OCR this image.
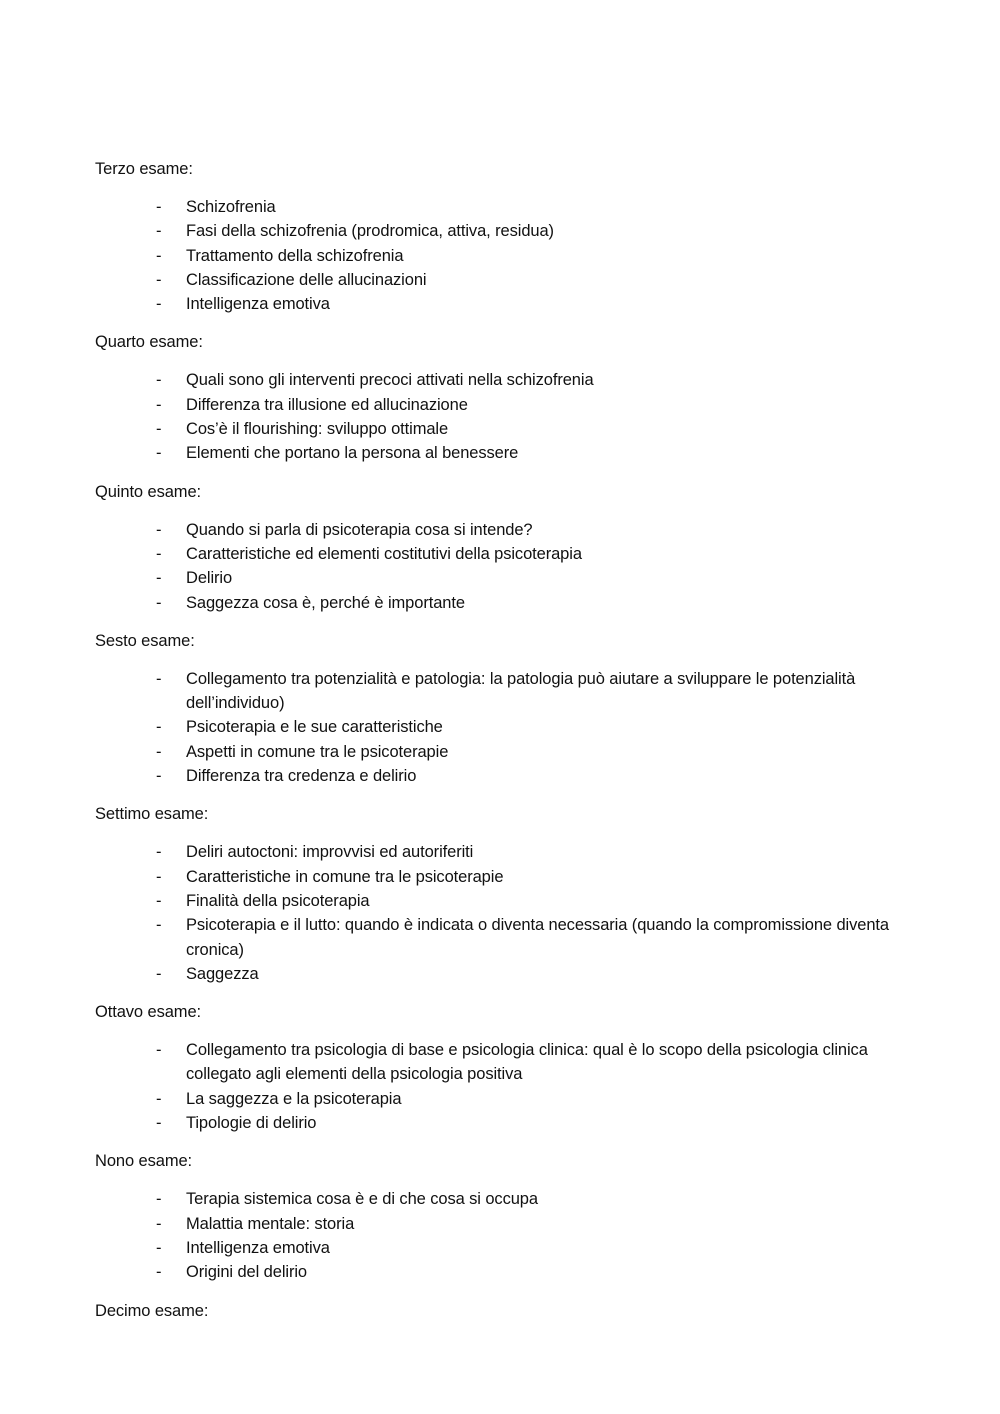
Terzo esame:
- Schizofrenia
- Fasi della schizofrenia (prodromica, attiva, residua)
- Trattamento della schizofrenia
- Classificazione delle allucinazioni
- Intelligenza emotiva
Quarto esame:
- Quali sono gli interventi precoci attivati nella schizofrenia
- Differenza tra illusione ed allucinazione
- Cos’è il flourishing: sviluppo ottimale
- Elementi che portano la persona al benessere
Quinto esame:
- Quando si parla di psicoterapia cosa si intende?
- Caratteristiche ed elementi costitutivi della psicoterapia
- Delirio
- Saggezza cosa è, perché è importante
Sesto esame:
- Collegamento tra potenzialità e patologia: la patologia può aiutare a sviluppare le potenzialità dell’individuo)
- Psicoterapia e le sue caratteristiche
- Aspetti in comune tra le psicoterapie
- Differenza tra credenza e delirio
Settimo esame:
- Deliri autoctoni: improvvisi ed autoriferiti
- Caratteristiche in comune tra le psicoterapie
- Finalità della psicoterapia
- Psicoterapia e il lutto: quando è indicata o diventa necessaria (quando la compromissione diventa cronica)
- Saggezza
Ottavo esame:
- Collegamento tra psicologia di base e psicologia clinica: qual è lo scopo della psicologia clinica collegato agli elementi della psicologia positiva
- La saggezza e la psicoterapia
- Tipologie di delirio
Nono esame:
- Terapia sistemica cosa è e di che cosa si occupa
- Malattia mentale: storia
- Intelligenza emotiva
- Origini del delirio
Decimo esame:
